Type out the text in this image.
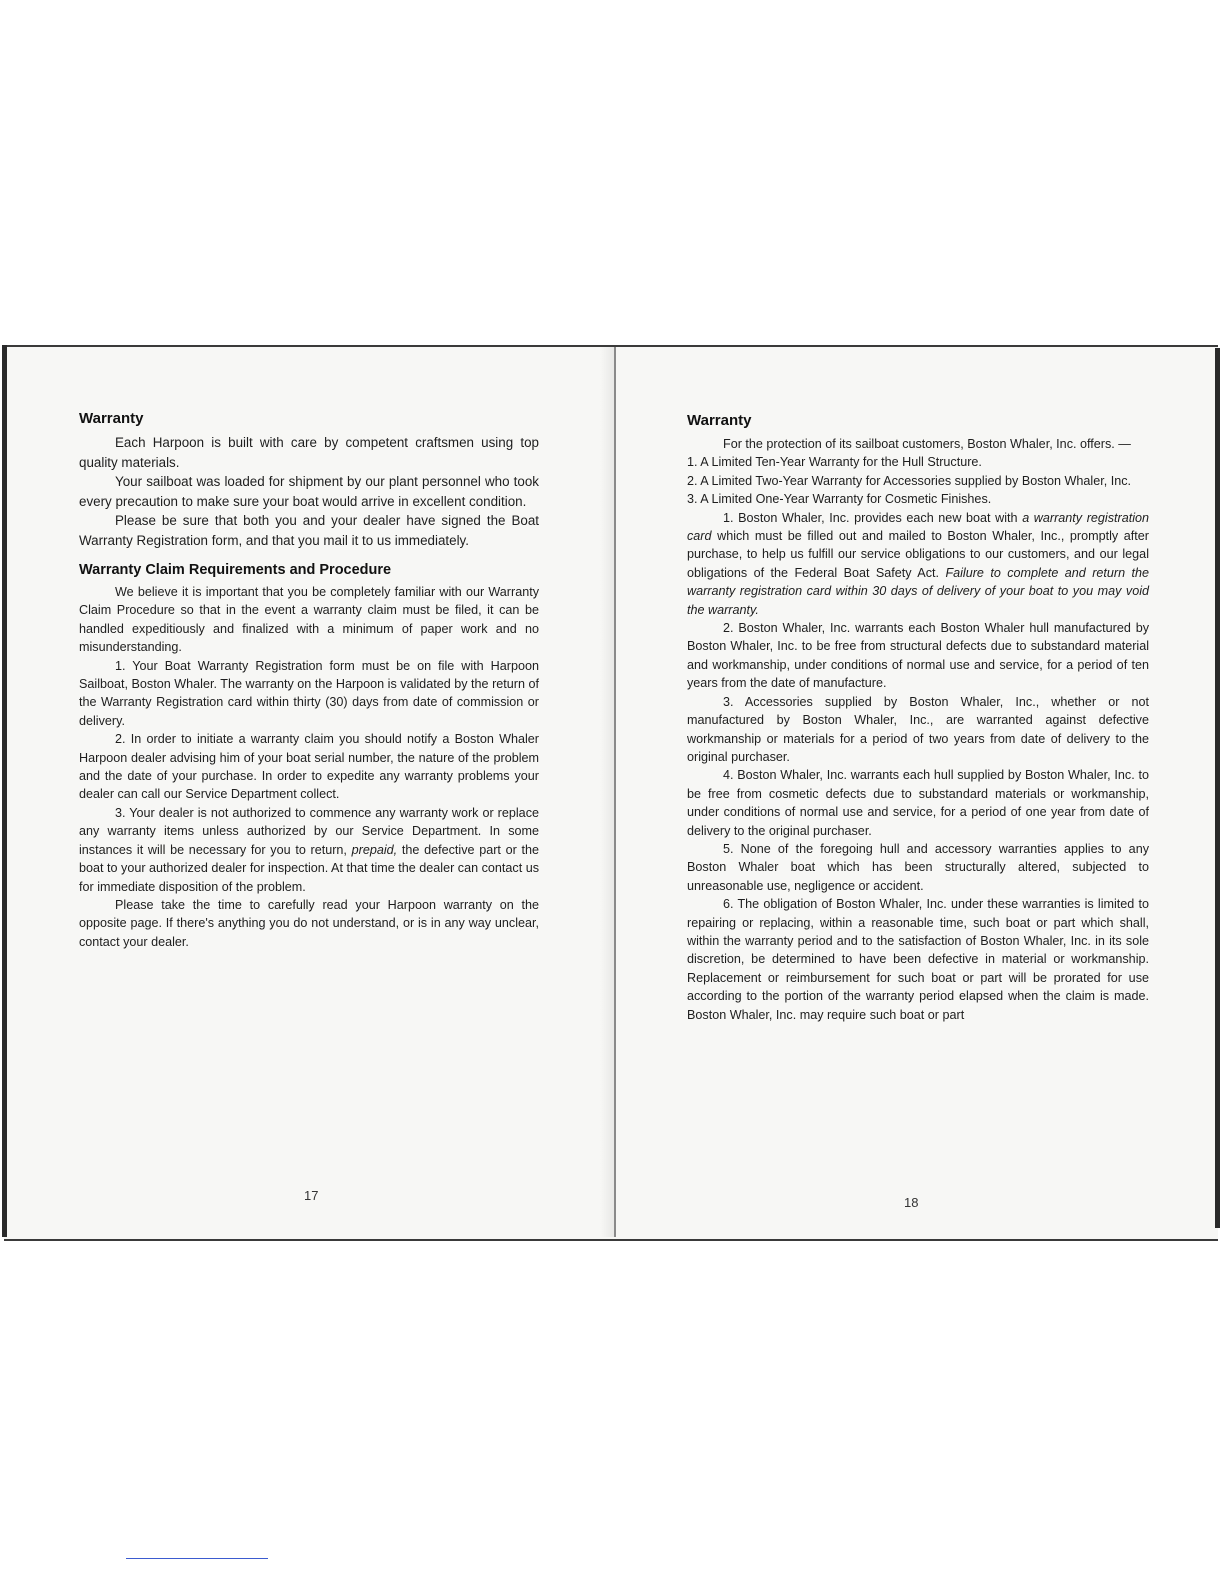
Warranty

Each Harpoon is built with care by competent craftsmen using top quality materials.

Your sailboat was loaded for shipment by our plant personnel who took every precaution to make sure your boat would arrive in excellent condition.

Please be sure that both you and your dealer have signed the Boat Warranty Registration form, and that you mail it to us immediately.

Warranty Claim Requirements and Procedure

We believe it is important that you be completely familiar with our Warranty Claim Procedure so that in the event a warranty claim must be filed, it can be handled expeditiously and finalized with a minimum of paper work and no misunderstanding.

1. Your Boat Warranty Registration form must be on file with Harpoon Sailboat, Boston Whaler. The warranty on the Harpoon is validated by the return of the Warranty Registration card within thirty (30) days from date of commission or delivery.

2. In order to initiate a warranty claim you should notify a Boston Whaler Harpoon dealer advising him of your boat serial number, the nature of the problem and the date of your purchase. In order to expedite any warranty problems your dealer can call our Service Department collect.

3. Your dealer is not authorized to commence any warranty work or replace any warranty items unless authorized by our Service Department. In some instances it will be necessary for you to return, prepaid, the defective part or the boat to your authorized dealer for inspection. At that time the dealer can contact us for immediate disposition of the problem.

Please take the time to carefully read your Harpoon warranty on the opposite page. If there's anything you do not understand, or is in any way unclear, contact your dealer.

17
Warranty

For the protection of its sailboat customers, Boston Whaler, Inc. offers. —

1. A Limited Ten-Year Warranty for the Hull Structure.

2. A Limited Two-Year Warranty for Accessories supplied by Boston Whaler, Inc.

3. A Limited One-Year Warranty for Cosmetic Finishes.

1. Boston Whaler, Inc. provides each new boat with a warranty registration card which must be filled out and mailed to Boston Whaler, Inc., promptly after purchase, to help us fulfill our service obligations to our customers, and our legal obligations of the Federal Boat Safety Act. Failure to complete and return the warranty registration card within 30 days of delivery of your boat to you may void the warranty.

2. Boston Whaler, Inc. warrants each Boston Whaler hull manufactured by Boston Whaler, Inc. to be free from structural defects due to substandard material and workmanship, under conditions of normal use and service, for a period of ten years from the date of manufacture.

3. Accessories supplied by Boston Whaler, Inc., whether or not manufactured by Boston Whaler, Inc., are warranted against defective workmanship or materials for a period of two years from date of delivery to the original purchaser.

4. Boston Whaler, Inc. warrants each hull supplied by Boston Whaler, Inc. to be free from cosmetic defects due to substandard materials or workmanship, under conditions of normal use and service, for a period of one year from date of delivery to the original purchaser.

5. None of the foregoing hull and accessory warranties applies to any Boston Whaler boat which has been structurally altered, subjected to unreasonable use, negligence or accident.

6. The obligation of Boston Whaler, Inc. under these warranties is limited to repairing or replacing, within a reasonable time, such boat or part which shall, within the warranty period and to the satisfaction of Boston Whaler, Inc. in its sole discretion, be determined to have been defective in material or workmanship. Replacement or reimbursement for such boat or part will be prorated for use according to the portion of the warranty period elapsed when the claim is made. Boston Whaler, Inc. may require such boat or part

18
